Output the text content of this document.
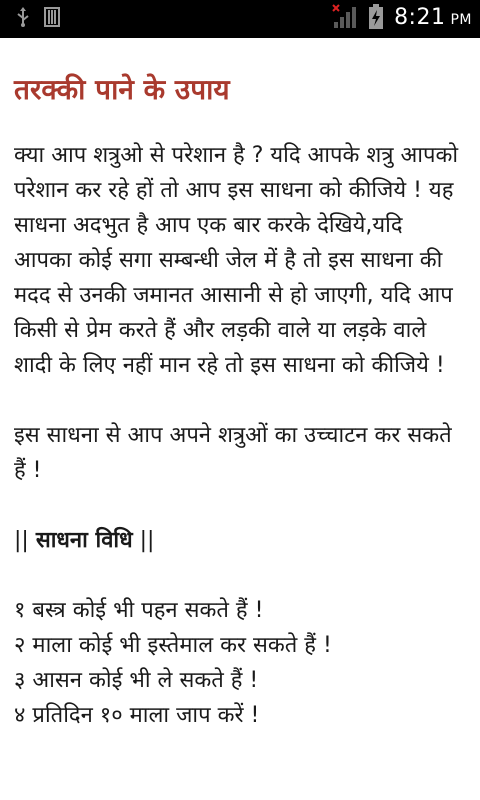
8:21 PM
तरक्की पाने के उपाय

क्या आप शत्रुओ से परेशान है ? यदि आपके शत्रु आपको परेशान कर रहे हों तो आप इस साधना को कीजिये ! यह साधना अदभुत है आप एक बार करके देखिये,यदि आपका कोई सगा सम्बन्धी जेल में है तो इस साधना की मदद से उनकी जमानत आसानी से हो जाएगी, यदि आप किसी से प्रेम करते हैं और लड़की वाले या लड़के वाले शादी के लिए नहीं मान रहे तो इस साधना को कीजिये !

इस साधना से आप अपने शत्रुओं का उच्चाटन कर सकते हैं !

|| साधना विधि ||

१ बस्त्र कोई भी पहन सकते हैं !

२ माला कोई भी इस्तेमाल कर सकते हैं !

३ आसन कोई भी ले सकते हैं !

४ प्रतिदिन १० माला जाप करें !
